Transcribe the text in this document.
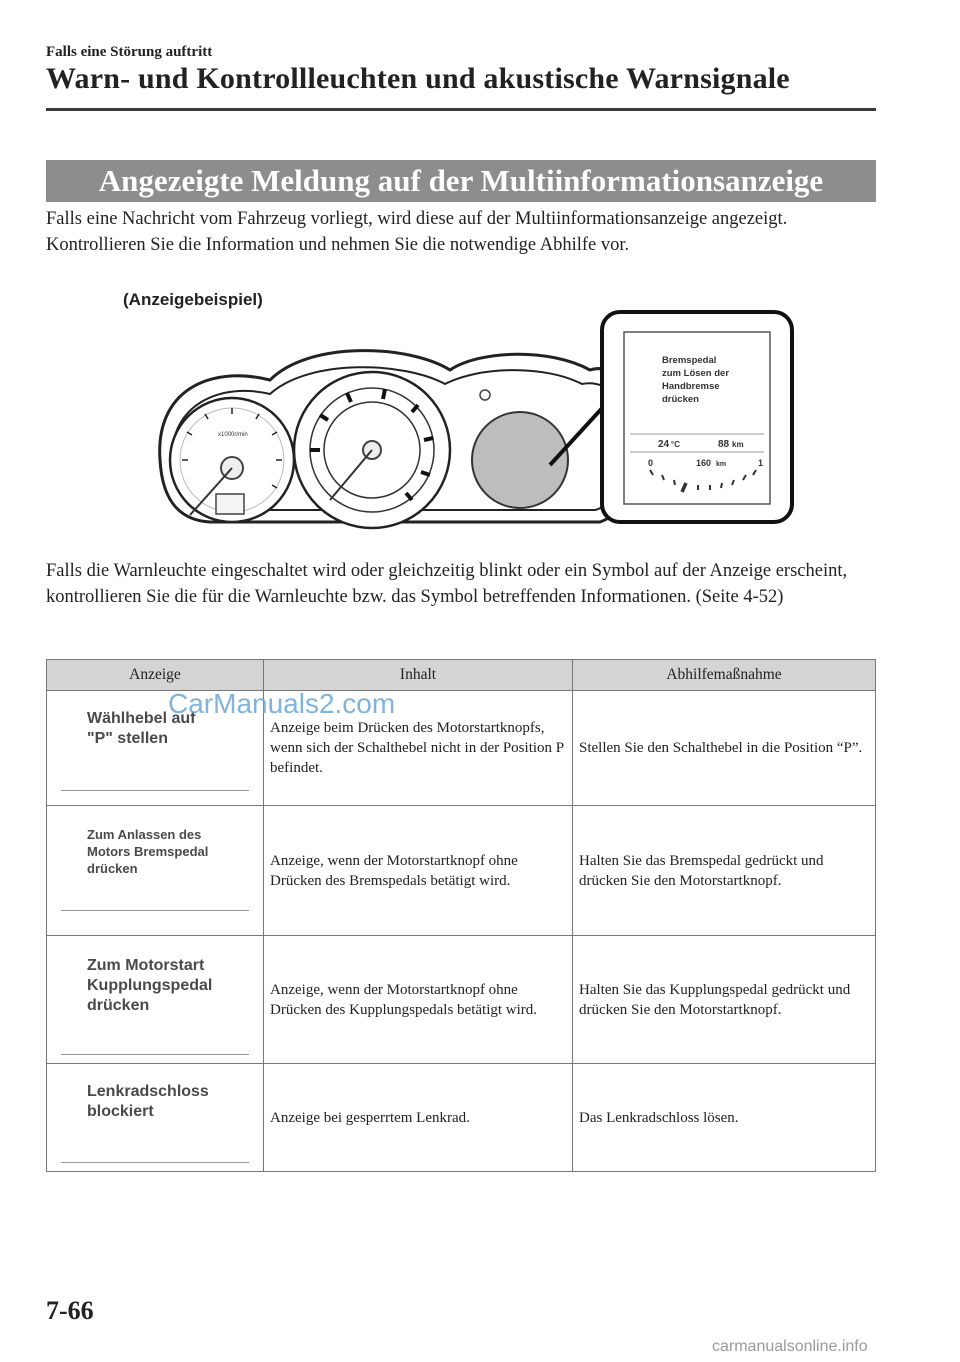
Falls eine Störung auftritt
Warn- und Kontrollleuchten und akustische Warnsignale
Angezeigte Meldung auf der Multiinformationsanzeige
Falls eine Nachricht vom Fahrzeug vorliegt, wird diese auf der Multiinformationsanzeige angezeigt. Kontrollieren Sie die Information und nehmen Sie die notwendige Abhilfe vor.
(Anzeigebeispiel)
x1000r/min
Bremspedal zum Lösen der Handbremse drücken
24 °C	88 km
0	160 km	1
Falls die Warnleuchte eingeschaltet wird oder gleichzeitig blinkt oder ein Symbol auf der Anzeige erscheint, kontrollieren Sie die für die Warnleuchte bzw. das Symbol betreffenden Informationen. (Seite 4-52)
Anzeige	Inhalt	Abhilfemaßnahme

Wählhebel auf
"P" stellen	Anzeige beim Drücken des Motorstartknopfs, wenn sich der Schalthebel nicht in der Position P befindet.	Stellen Sie den Schalthebel in die Position “P”.

Zum Anlassen des
Motors Bremspedal
drücken	Anzeige, wenn der Motorstartknopf ohne Drücken des Bremspedals betätigt wird.	Halten Sie das Bremspedal gedrückt und drücken Sie den Motorstartknopf.

Zum Motorstart
Kupplungspedal
drücken	Anzeige, wenn der Motorstartknopf ohne Drücken des Kupplungspedals betätigt wird.	Halten Sie das Kupplungspedal gedrückt und drücken Sie den Motorstartknopf.

Lenkradschloss
blockiert	Anzeige bei gesperrtem Lenkrad.	Das Lenkradschloss lösen.
CarManuals2.com
7-66
carmanualsonline.info
